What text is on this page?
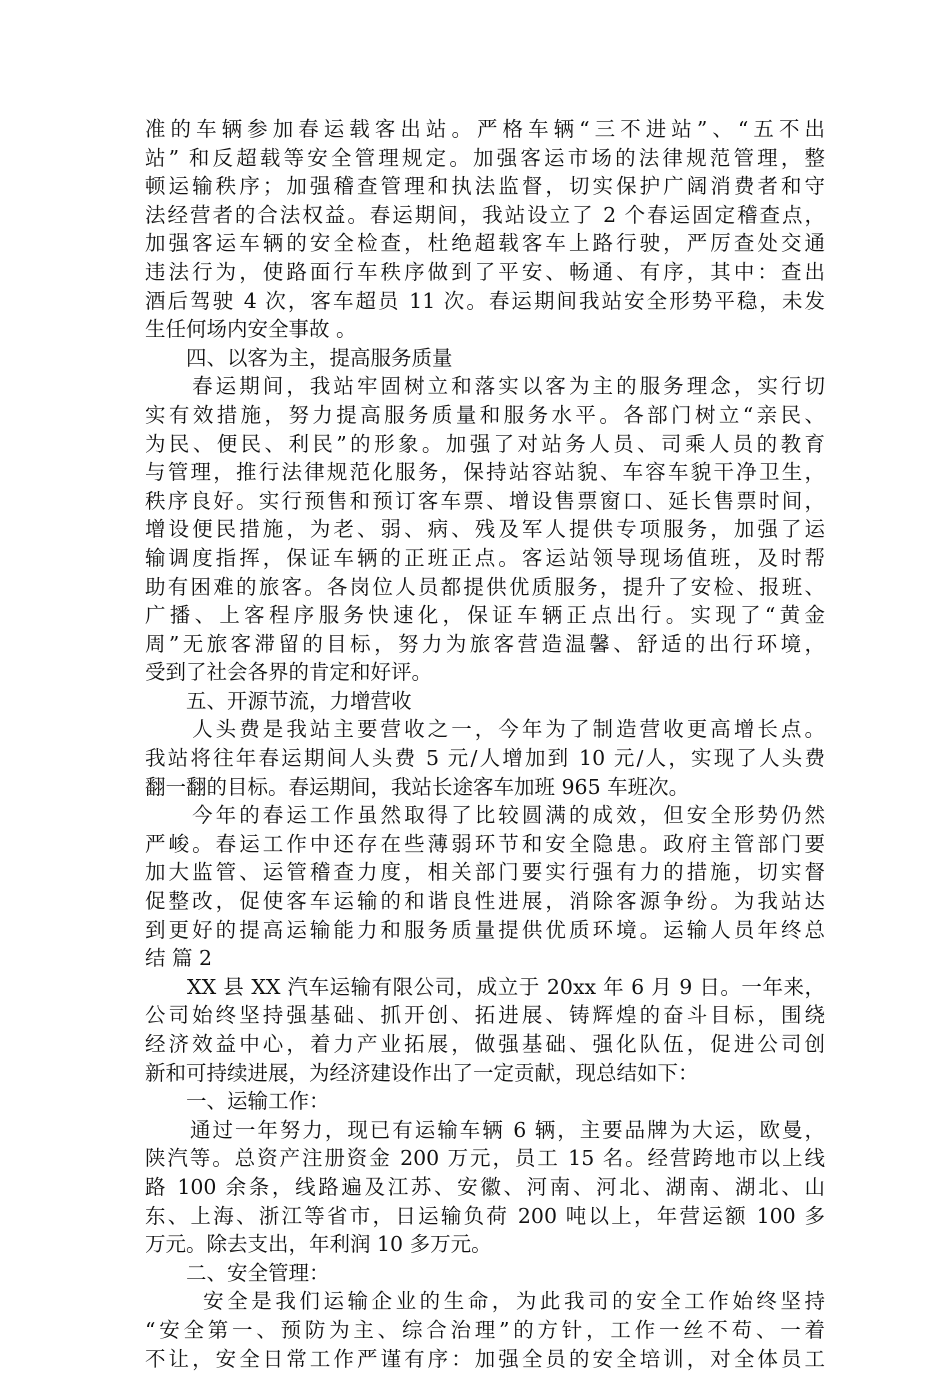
准的车辆参加春运载客出站。严格车辆“三不进站”、“五不出
站” 和反超载等安全管理规定。加强客运市场的法律规范管理，整
顿运输秩序；加强稽查管理和执法监督，切实保护广阔消费者和守
法经营者的合法权益。春运期间，我站设立了 2 个春运固定稽查点，
加强客运车辆的安全检查，杜绝超载客车上路行驶，严厉查处交通
违法行为，使路面行车秩序做到了平安、畅通、有序，其中：查出
酒后驾驶 4 次，客车超员 11 次。春运期间我站安全形势平稳，未发
生任何场内安全事故 。
　　四、以客为主，提高服务质量
　　春运期间，我站牢固树立和落实以客为主的服务理念，实行切
实有效措施，努力提高服务质量和服务水平。各部门树立“亲民、
为民、便民、利民”的形象。加强了对站务人员、司乘人员的教育
与管理，推行法律规范化服务，保持站容站貌、车容车貌干净卫生，
秩序良好。实行预售和预订客车票、增设售票窗口、延长售票时间，
增设便民措施，为老、弱、病、残及军人提供专项服务，加强了运
输调度指挥，保证车辆的正班正点。客运站领导现场值班，及时帮
助有困难的旅客。各岗位人员都提供优质服务，提升了安检、报班、
广播、上客程序服务快速化，保证车辆正点出行。实现了“黄金
周”无旅客滞留的目标，努力为旅客营造温馨、舒适的出行环境，
受到了社会各界的肯定和好评。
　　五、开源节流，力增营收
　　人头费是我站主要营收之一，今年为了制造营收更高增长点。
我站将往年春运期间人头费 5 元/人增加到 10 元/人，实现了人头费
翻一翻的目标。春运期间，我站长途客车加班 965 车班次。
　　今年的春运工作虽然取得了比较圆满的成效，但安全形势仍然
严峻。春运工作中还存在些薄弱环节和安全隐患。政府主管部门要
加大监管、运管稽查力度，相关部门要实行强有力的措施，切实督
促整改，促使客车运输的和谐良性进展，消除客源争纷。为我站达
到更好的提高运输能力和服务质量提供优质环境。运输人员年终总
结 篇 2
　　XX 县 XX 汽车运输有限公司，成立于 20xx 年 6 月 9 日。一年来，
公司始终坚持强基础、抓开创、拓进展、铸辉煌的奋斗目标，围绕
经济效益中心，着力产业拓展，做强基础、强化队伍，促进公司创
新和可持续进展，为经济建设作出了一定贡献，现总结如下：
　　一、运输工作：
　　通过一年努力，现已有运输车辆 6 辆，主要品牌为大运，欧曼，
陕汽等。总资产注册资金 200 万元，员工 15 名。经营跨地市以上线
路 100 余条，线路遍及江苏、安徽、河南、河北、湖南、湖北、山
东、上海、浙江等省市，日运输负荷 200 吨以上，年营运额 100 多
万元。除去支出，年利润 10 多万元。
　　二、安全管理：
　　 安全是我们运输企业的生命，为此我司的安全工作始终坚持
“安全第一、预防为主、综合治理”的方针，工作一丝不苟、一着
不让，安全日常工作严谨有序：加强全员的安全培训，对全体员工
